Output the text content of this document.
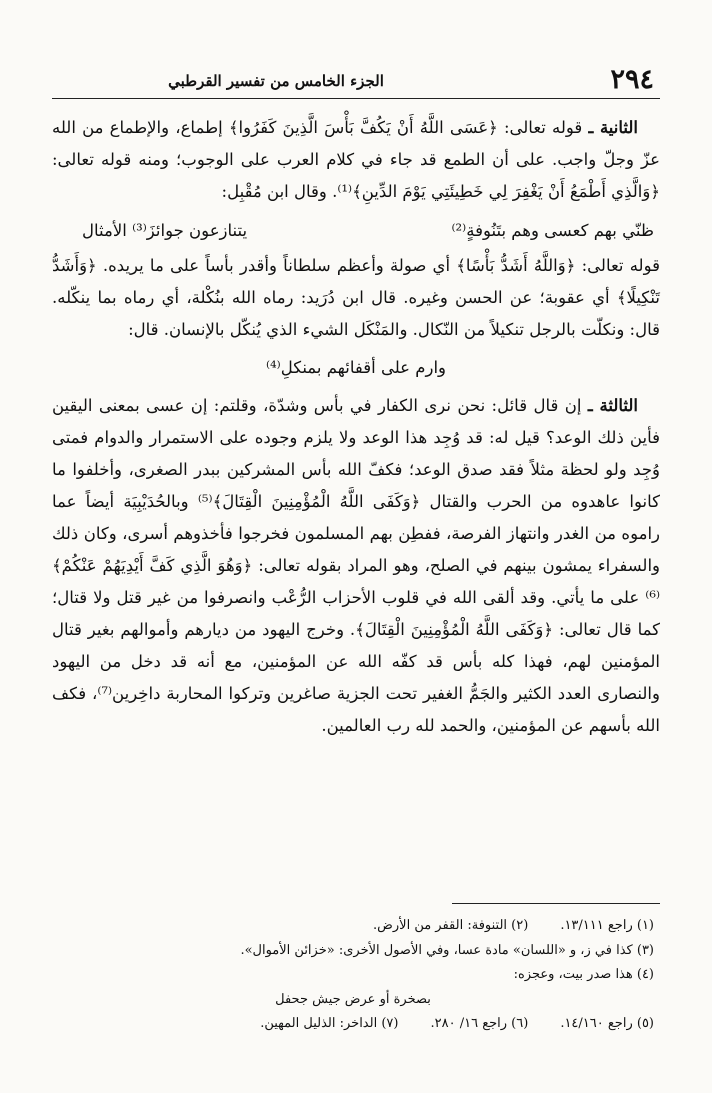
٢٩٤
الجزء الخامس من تفسير القرطبي

الثانية ـ قوله تعالى: ﴿عَسَى اللَّهُ أَنْ يَكُفَّ بَأْسَ الَّذِينَ كَفَرُوا﴾ إطماع، والإطماع من الله عزّ وجلّ واجب. على أن الطمع قد جاء في كلام العرب على الوجوب؛ ومنه قوله تعالى: ﴿وَالَّذِي أَطْمَعُ أَنْ يَغْفِرَ لِي خَطِيئَتِي يَوْمَ الدِّينِ﴾⁽¹⁾. وقال ابن مُقْبِل:

ظنّي بهم كعسى وهم بتَنُوفةٍ⁽²⁾
يتنازعون جوائزَ⁽³⁾ الأمثال

قوله تعالى: ﴿وَاللَّهُ أَشَدُّ بَأْسًا﴾ أي صولة وأعظم سلطاناً وأقدر بأساً على ما يريده. ﴿وَأَشَدُّ تَنْكِيلًا﴾ أي عقوبة؛ عن الحسن وغيره. قال ابن دُرَيد: رماه الله بنُكْلة، أي رماه بما ينكّله. قال: ونكلّت بالرجل تنكيلاً من النّكال. والمَنْكَل الشيء الذي يُنكّل بالإنسان. قال:

وارم على أقفائهم بمنكلِ⁽⁴⁾

الثالثة ـ إن قال قائل: نحن نرى الكفار في بأس وشدّة، وقلتم: إن عسى بمعنى اليقين فأين ذلك الوعد؟ قيل له: قد وُجِد هذا الوعد ولا يلزم وجوده على الاستمرار والدوام فمتى وُجِد ولو لحظة مثلاً فقد صدق الوعد؛ فكفّ الله بأس المشركين ببدر الصغرى، وأخلفوا ما كانوا عاهدوه من الحرب والقتال ﴿وَكَفَى اللَّهُ الْمُؤْمِنِينَ الْقِتَالَ﴾⁽⁵⁾ وبالحُدَيْبِيَة أيضاً عما راموه من الغدر وانتهاز الفرصة، ففطِن بهم المسلمون فخرجوا فأخذوهم أسرى، وكان ذلك والسفراء يمشون بينهم في الصلح، وهو المراد بقوله تعالى: ﴿وَهُوَ الَّذِي كَفَّ أَيْدِيَهُمْ عَنْكُمْ﴾⁽⁶⁾ على ما يأتي. وقد ألقى الله في قلوب الأحزاب الرُّعْب وانصرفوا من غير قتل ولا قتال؛ كما قال تعالى: ﴿وَكَفَى اللَّهُ الْمُؤْمِنِينَ الْقِتَالَ﴾. وخرج اليهود من ديارهم وأموالهم بغير قتال المؤمنين لهم، فهذا كله بأس قد كفّه الله عن المؤمنين، مع أنه قد دخل من اليهود والنصارى العدد الكثير والجَمُّ الغفير تحت الجزية صاغرين وتركوا المحاربة داخِرين⁽⁷⁾، فكف الله بأسهم عن المؤمنين، والحمد لله رب العالمين.

(١) راجع ١٣/١١١.
(٢) التنوفة: القفر من الأرض.
(٣) كذا في ز، و «اللسان» مادة عسا، وفي الأصول الأخرى: «خزائن الأموال».
(٤) هذا صدر بيت، وعجزه:
بصخرة أو عرض جيش جحفل
(٥) راجع ١٤/١٦٠.
(٦) راجع ١٦/ ٢٨٠.
(٧) الداخر: الذليل المهين.
